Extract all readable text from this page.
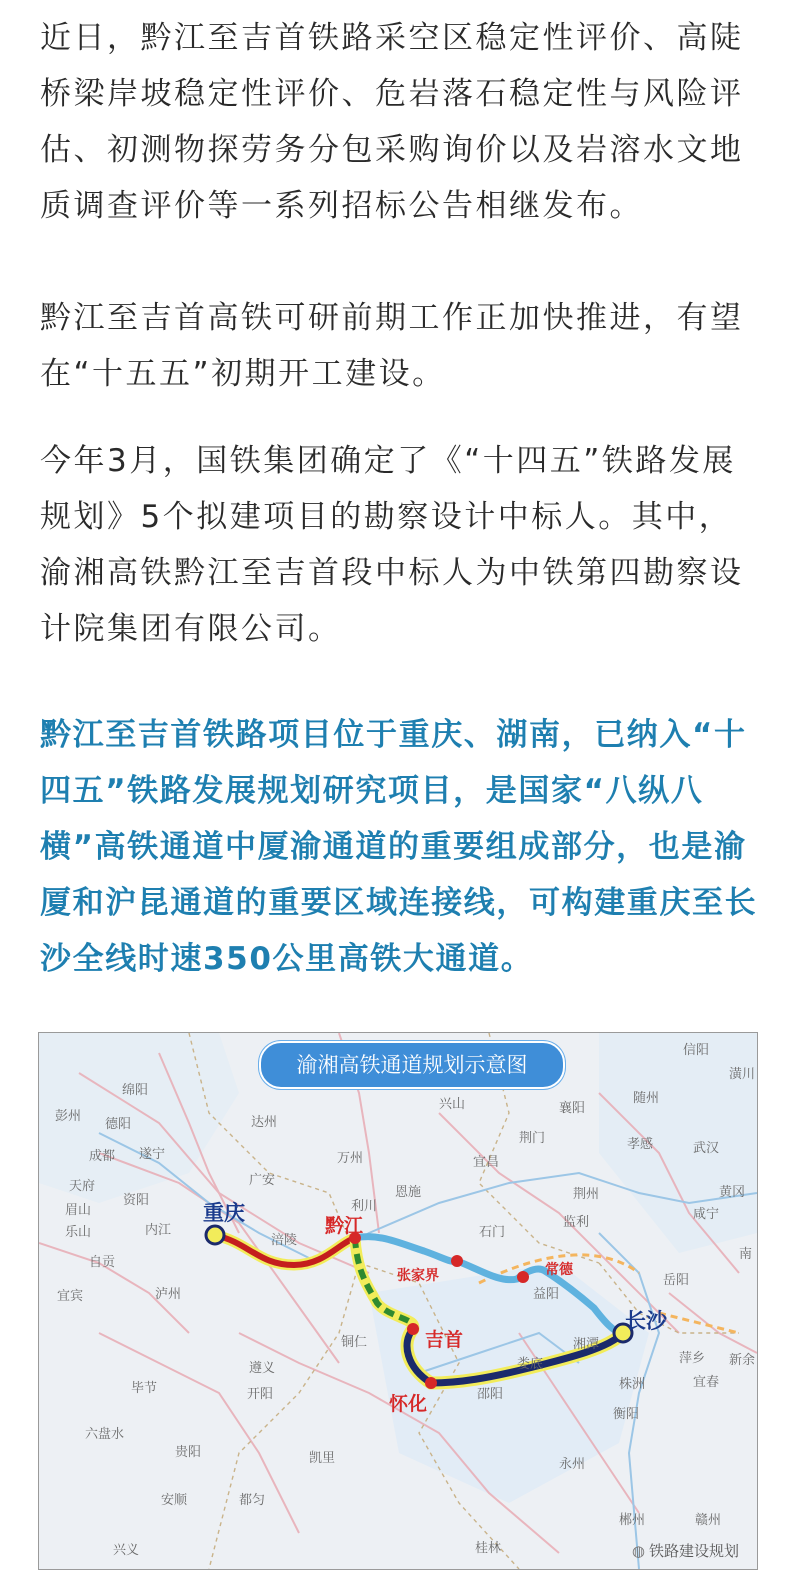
近日，黔江至吉首铁路采空区稳定性评价、高陡桥梁岸坡稳定性评价、危岩落石稳定性与风险评估、初测物探劳务分包采购询价以及岩溶水文地质调查评价等一系列招标公告相继发布。

黔江至吉首高铁可研前期工作正加快推进，有望在“十五五”初期开工建设。

今年3月，国铁集团确定了《“十四五”铁路发展规划》5个拟建项目的勘察设计中标人。其中，渝湘高铁黔江至吉首段中标人为中铁第四勘察设计院集团有限公司。

黔江至吉首铁路项目位于重庆、湖南，已纳入“十四五”铁路发展规划研究项目，是国家“八纵八横”高铁通道中厦渝通道的重要组成部分，也是渝厦和沪昆通道的重要区域连接线，可构建重庆至长沙全线时速350公里高铁大通道。

渝湘高铁通道规划示意图
绵阳
彭州
德阳
成都 遂宁
天府
眉山
乐山
资阳
内江
自贡
宜宾	泸州
达州
广安
涪陵
万州
利川
恩施
兴山
宜昌
石门
监利
荆州
荆门
襄阳
随州
孝感	武汉
黄冈
咸宁
岳阳
信阳
潢川
益阳
湘潭
娄底
邵阳
衡阳
株洲
萍乡
宜春
新余
永州
郴州	赣州
桂林
铜仁
凯里
都匀
贵阳
遵义
毕节	开阳
六盘水
安顺
兴义
南
重庆
黔江
张家界	常德
长沙
吉首
怀化
◍ 铁路建设规划
